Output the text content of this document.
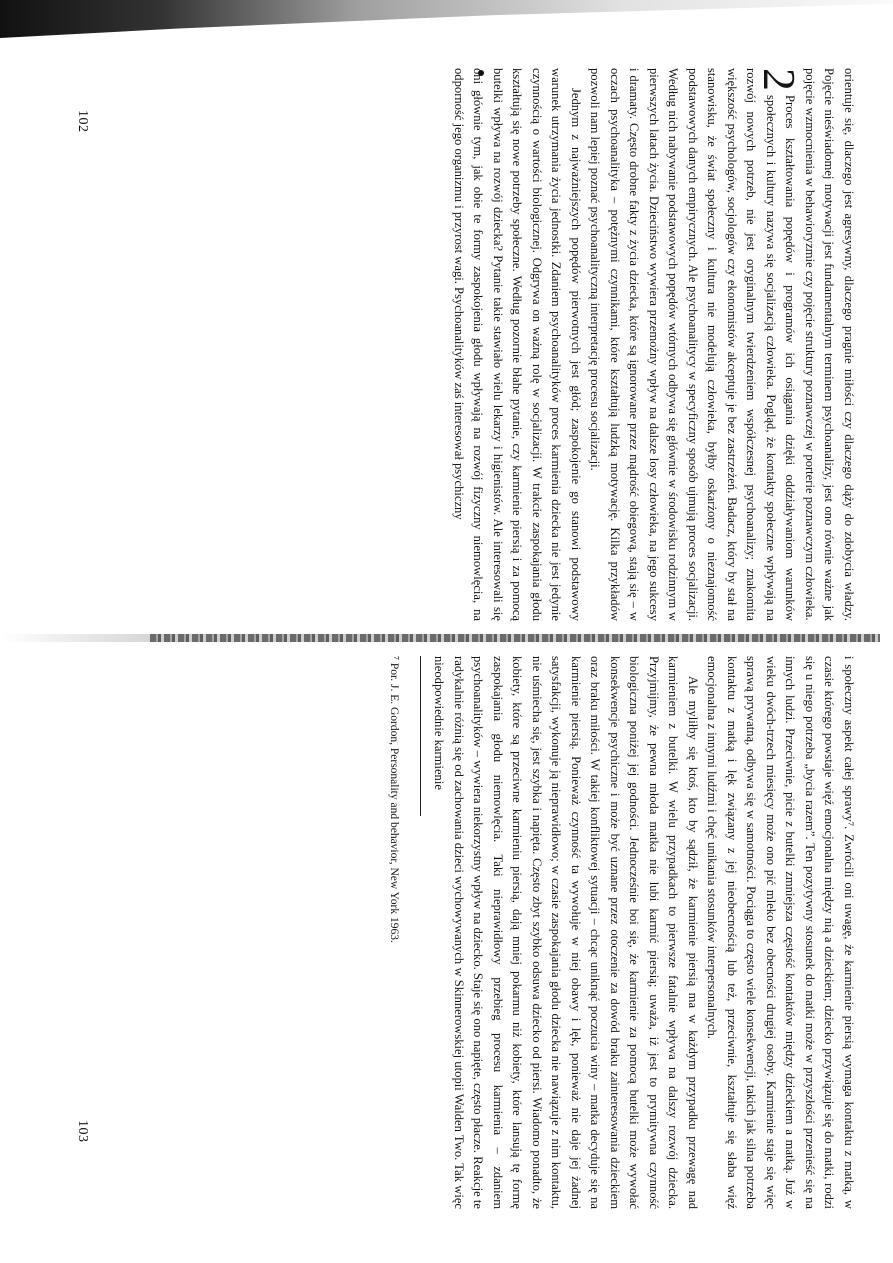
orientuje się, dlaczego jest agresywny, dlaczego pragnie miłości czy dlaczego dąży do zdobycia władzy. Pojęcie nieświadomej motywacji jest fundamentalnym terminem psychoanalizy, jest ono równie ważne jak pojęcie wzmocnienia w behawioryzmie czy pojęcie struktury poznawczej w porterie poznawczym człowieka.

2
Proces kształtowania popędów i programów ich osiągania dzięki oddziaływaniom warunków społecznych i kultury nazywa się socjalizacją człowieka. Pogląd, że kontakty społeczne wpływają na rozwój nowych potrzeb, nie jest oryginalnym twierdzeniem współczesnej psychoanalizy; znakomita większość psychologów, socjologów czy ekonomistów akceptuje je bez zastrzeżeń. Badacz, który by stał na stanowisku, że świat społeczny i kultura nie modelują człowieka, byłby oskarżony o nieznajomość podstawowych danych empirycznych. Ale psychoanalitycy w specyficzny sposób ujmują proces socjalizacji. Według nich nabywanie podstawowych popędów wtórnych odbywa się głównie w środowisku rodzinnym w pierwszych latach życia. Dzieciństwo wywiera przemożny wpływ na dalsze losy człowieka, na jego sukcesy i dramaty. Często drobne fakty z życia dziecka, które są ignorowane przez mądrość obiegową, stają się – w oczach psychoanalityka – potężnymi czynnikami, które kształtują ludzką motywację. Kilka przykładów pozwoli nam lepiej poznać psychoanalityczną interpretację procesu socjalizacji.

Jednym z najważniejszych popędów pierwotnych jest głód; zaspokojenie go stanowi podstawowy warunek utrzymania życia jednostki. Zdaniem psychoanalityków proces karmienia dziecka nie jest jedynie czynnością o wartości biologicznej. Odgrywa on ważną rolę w socjalizacji. W trakcie zaspokajania głodu kształtują się nowe potrzeby społeczne. Według pozornie błahe pytanie, czy karmienie piersią i za pomocą butelki wpływa na rozwój dziecka? Pytanie takie stawiało wielu lekarzy i higienistów. Ale interesowali się oni głównie tym, jak obie te formy zaspokojenia głodu wpływają na rozwój fizyczny niemowlęcia, na odporność jego organizmu i przyrost wagi. Psychoanalityków zaś interesował psychiczny

102

i społeczny aspekt całej sprawy⁷. Zwrócili oni uwagę, że karmienie piersią wymaga kontaktu z matką, w czasie którego powstaje więź emocjonalna między nią a dzieckiem; dziecko przywiązuje się do matki, rodzi się u niego potrzeba „bycia razem”. Ten pozytywny stosunek do matki może w przyszłości przenieść się na innych ludzi. Przeciwnie, picie z butelki zmniejsza częstość kontaktów między dzieckiem a matką. Już w wieku dwóch-trzech miesięcy może ono pić mleko bez obecności drugiej osoby. Karmienie staje się więc sprawą prywatną, odbywa się w samotności. Pociąga to często wiele konsekwencji, takich jak silna potrzeba kontaktu z matką i lęk związany z jej nieobecnością lub też, przeciwnie, kształtuje się słaba więź emocjonalna z innymi ludźmi i chęć unikania stosunków interpersonalnych.

Ale myliłby się ktoś, kto by sądził, że karmienie piersią ma w każdym przypadku przewagę nad karmieniem z butelki. W wielu przypadkach to pierwsze fatalnie wpływa na dalszy rozwój dziecka. Przyjmijmy, że pewna młoda matka nie lubi karmić piersią; uważa, iż jest to prymitywna czynność biologiczna poniżej jej godności. Jednocześnie boi się, że karmienie za pomocą butelki może wywołać konsekwencje psychiczne i może być uznane przez otoczenie za dowód braku zainteresowania dzieckiem oraz braku miłości. W takiej konfliktowej sytuacji – chcąc uniknąć poczucia winy – matka decyduje się na karmienie piersią. Ponieważ czynność ta wywołuje w niej obawy i lęk, ponieważ nie daje jej żadnej satysfakcji, wykonuje ją nieprawidłowo; w czasie zaspokajania głodu dziecka nie nawiązuje z nim kontaktu, nie uśmiecha się, jest szybka i napięta. Często zbyt szybko odsuwa dziecko od piersi. Wiadomo ponadto, że kobiety, które są przeciwne karmieniu piersią, dają mniej pokarmu niż kobiety, które lansują tę formę zaspokajania głodu niemowlęcia. Taki nieprawidłowy przebieg procesu karmienia – zdaniem psychoanalityków – wywiera niekorzystny wpływ na dziecko. Staje się ono napięte, często płacze. Reakcje te radykalnie różnią się od zachowania dzieci wychowywanych w Skinnerowskiej utopii Walden Two. Tak więc nieodpowiednie karmienie

⁷ Por. J. E. Gordon, Personality and behavior, New York 1963.
103
